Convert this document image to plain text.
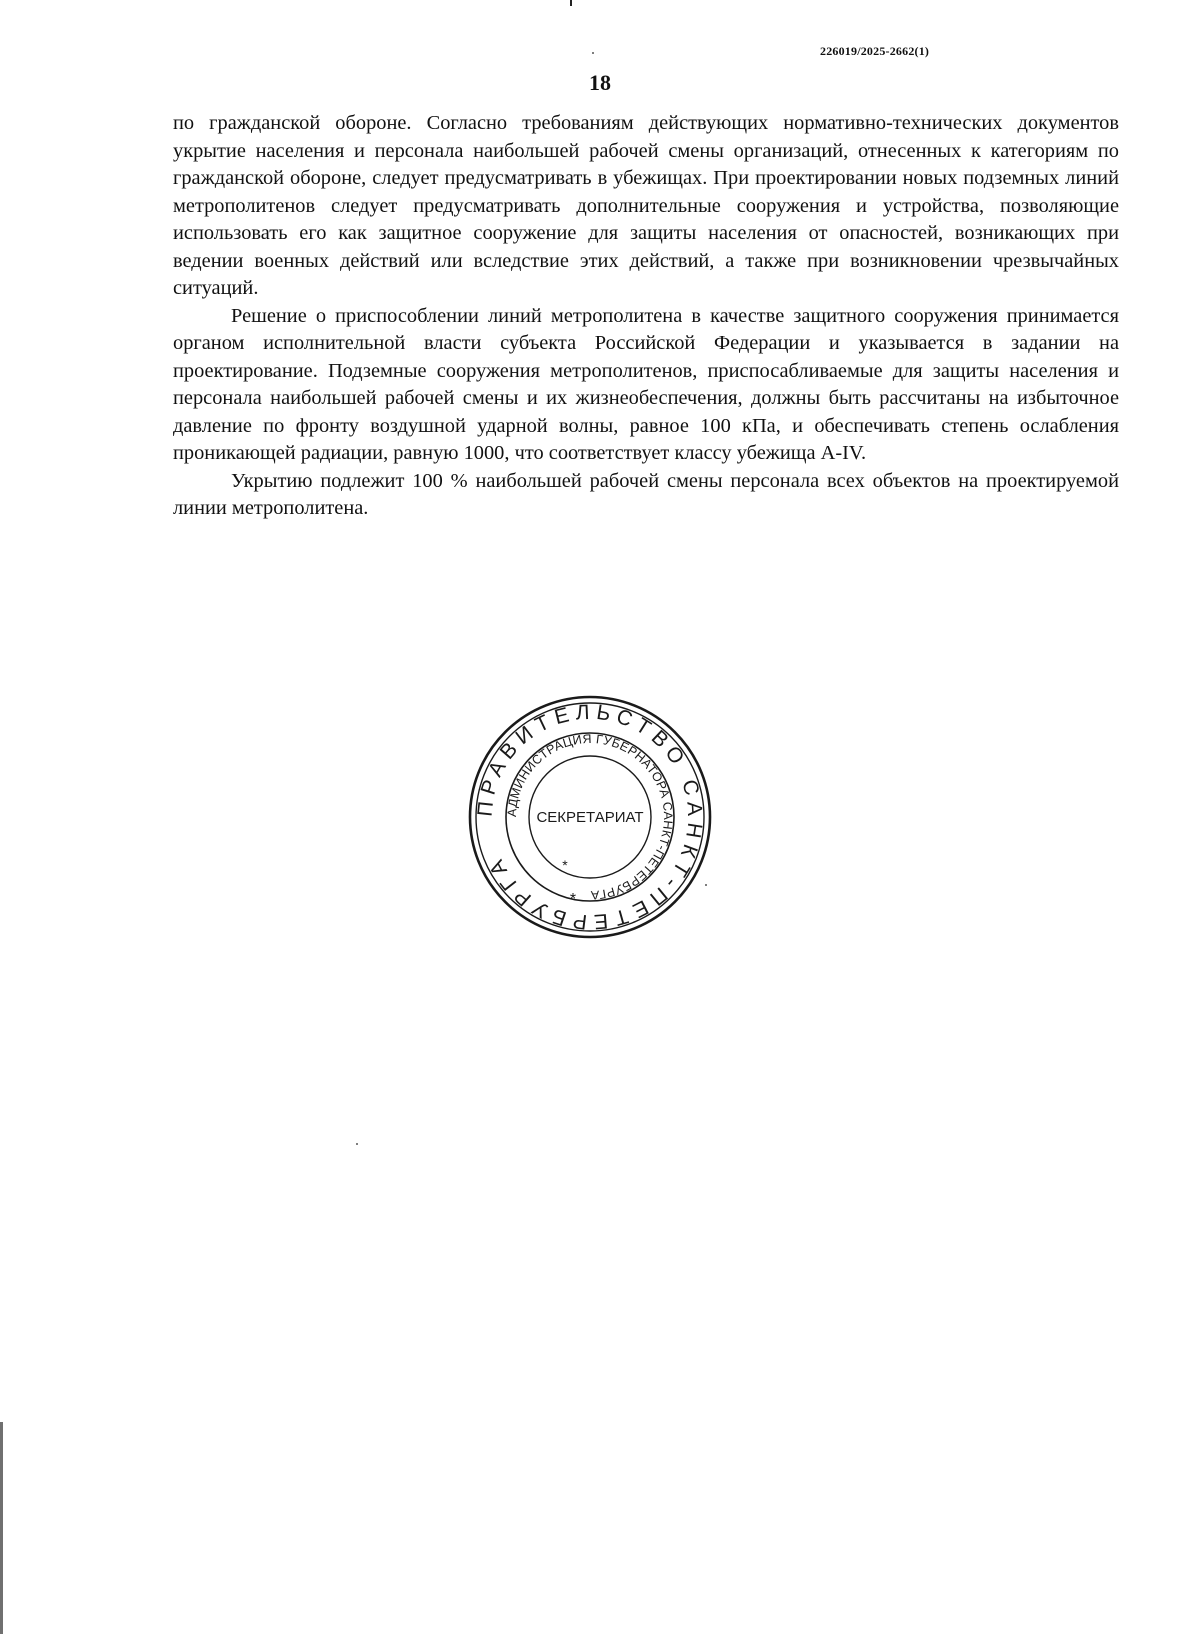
226019/2025-2662(1)
18

по гражданской обороне. Согласно требованиям действующих нормативно-технических документов укрытие населения и персонала наибольшей рабочей смены организаций, отнесенных к категориям по гражданской обороне, следует предусматривать в убежищах. При проектировании новых подземных линий метрополитенов следует предусматривать дополнительные сооружения и устройства, позволяющие использовать его как защитное сооружение для защиты населения от опасностей, возникающих при ведении военных действий или вследствие этих действий, а также при возникновении чрезвычайных ситуаций.

Решение о приспособлении линий метрополитена в качестве защитного сооружения принимается органом исполнительной власти субъекта Российской Федерации и указывается в задании на проектирование. Подземные сооружения метрополитенов, приспосабливаемые для защиты населения и персонала наибольшей рабочей смены и их жизнеобеспечения, должны быть рассчитаны на избыточное давление по фронту воздушной ударной волны, равное 100 кПа, и обеспечивать степень ослабления проникающей радиации, равную 1000, что соответствует классу убежища А-IV.

Укрытию подлежит 100 % наибольшей рабочей смены персонала всех объектов на проектируемой линии метрополитена.

ПРАВИТЕЛЬСТВО САНКТ-ПЕТЕРБУРГА
АДМИНИСТРАЦИЯ ГУБЕРНАТОРА САНКТ-ПЕТЕРБУРГА
СЕКРЕТАРИАТ
*
*
